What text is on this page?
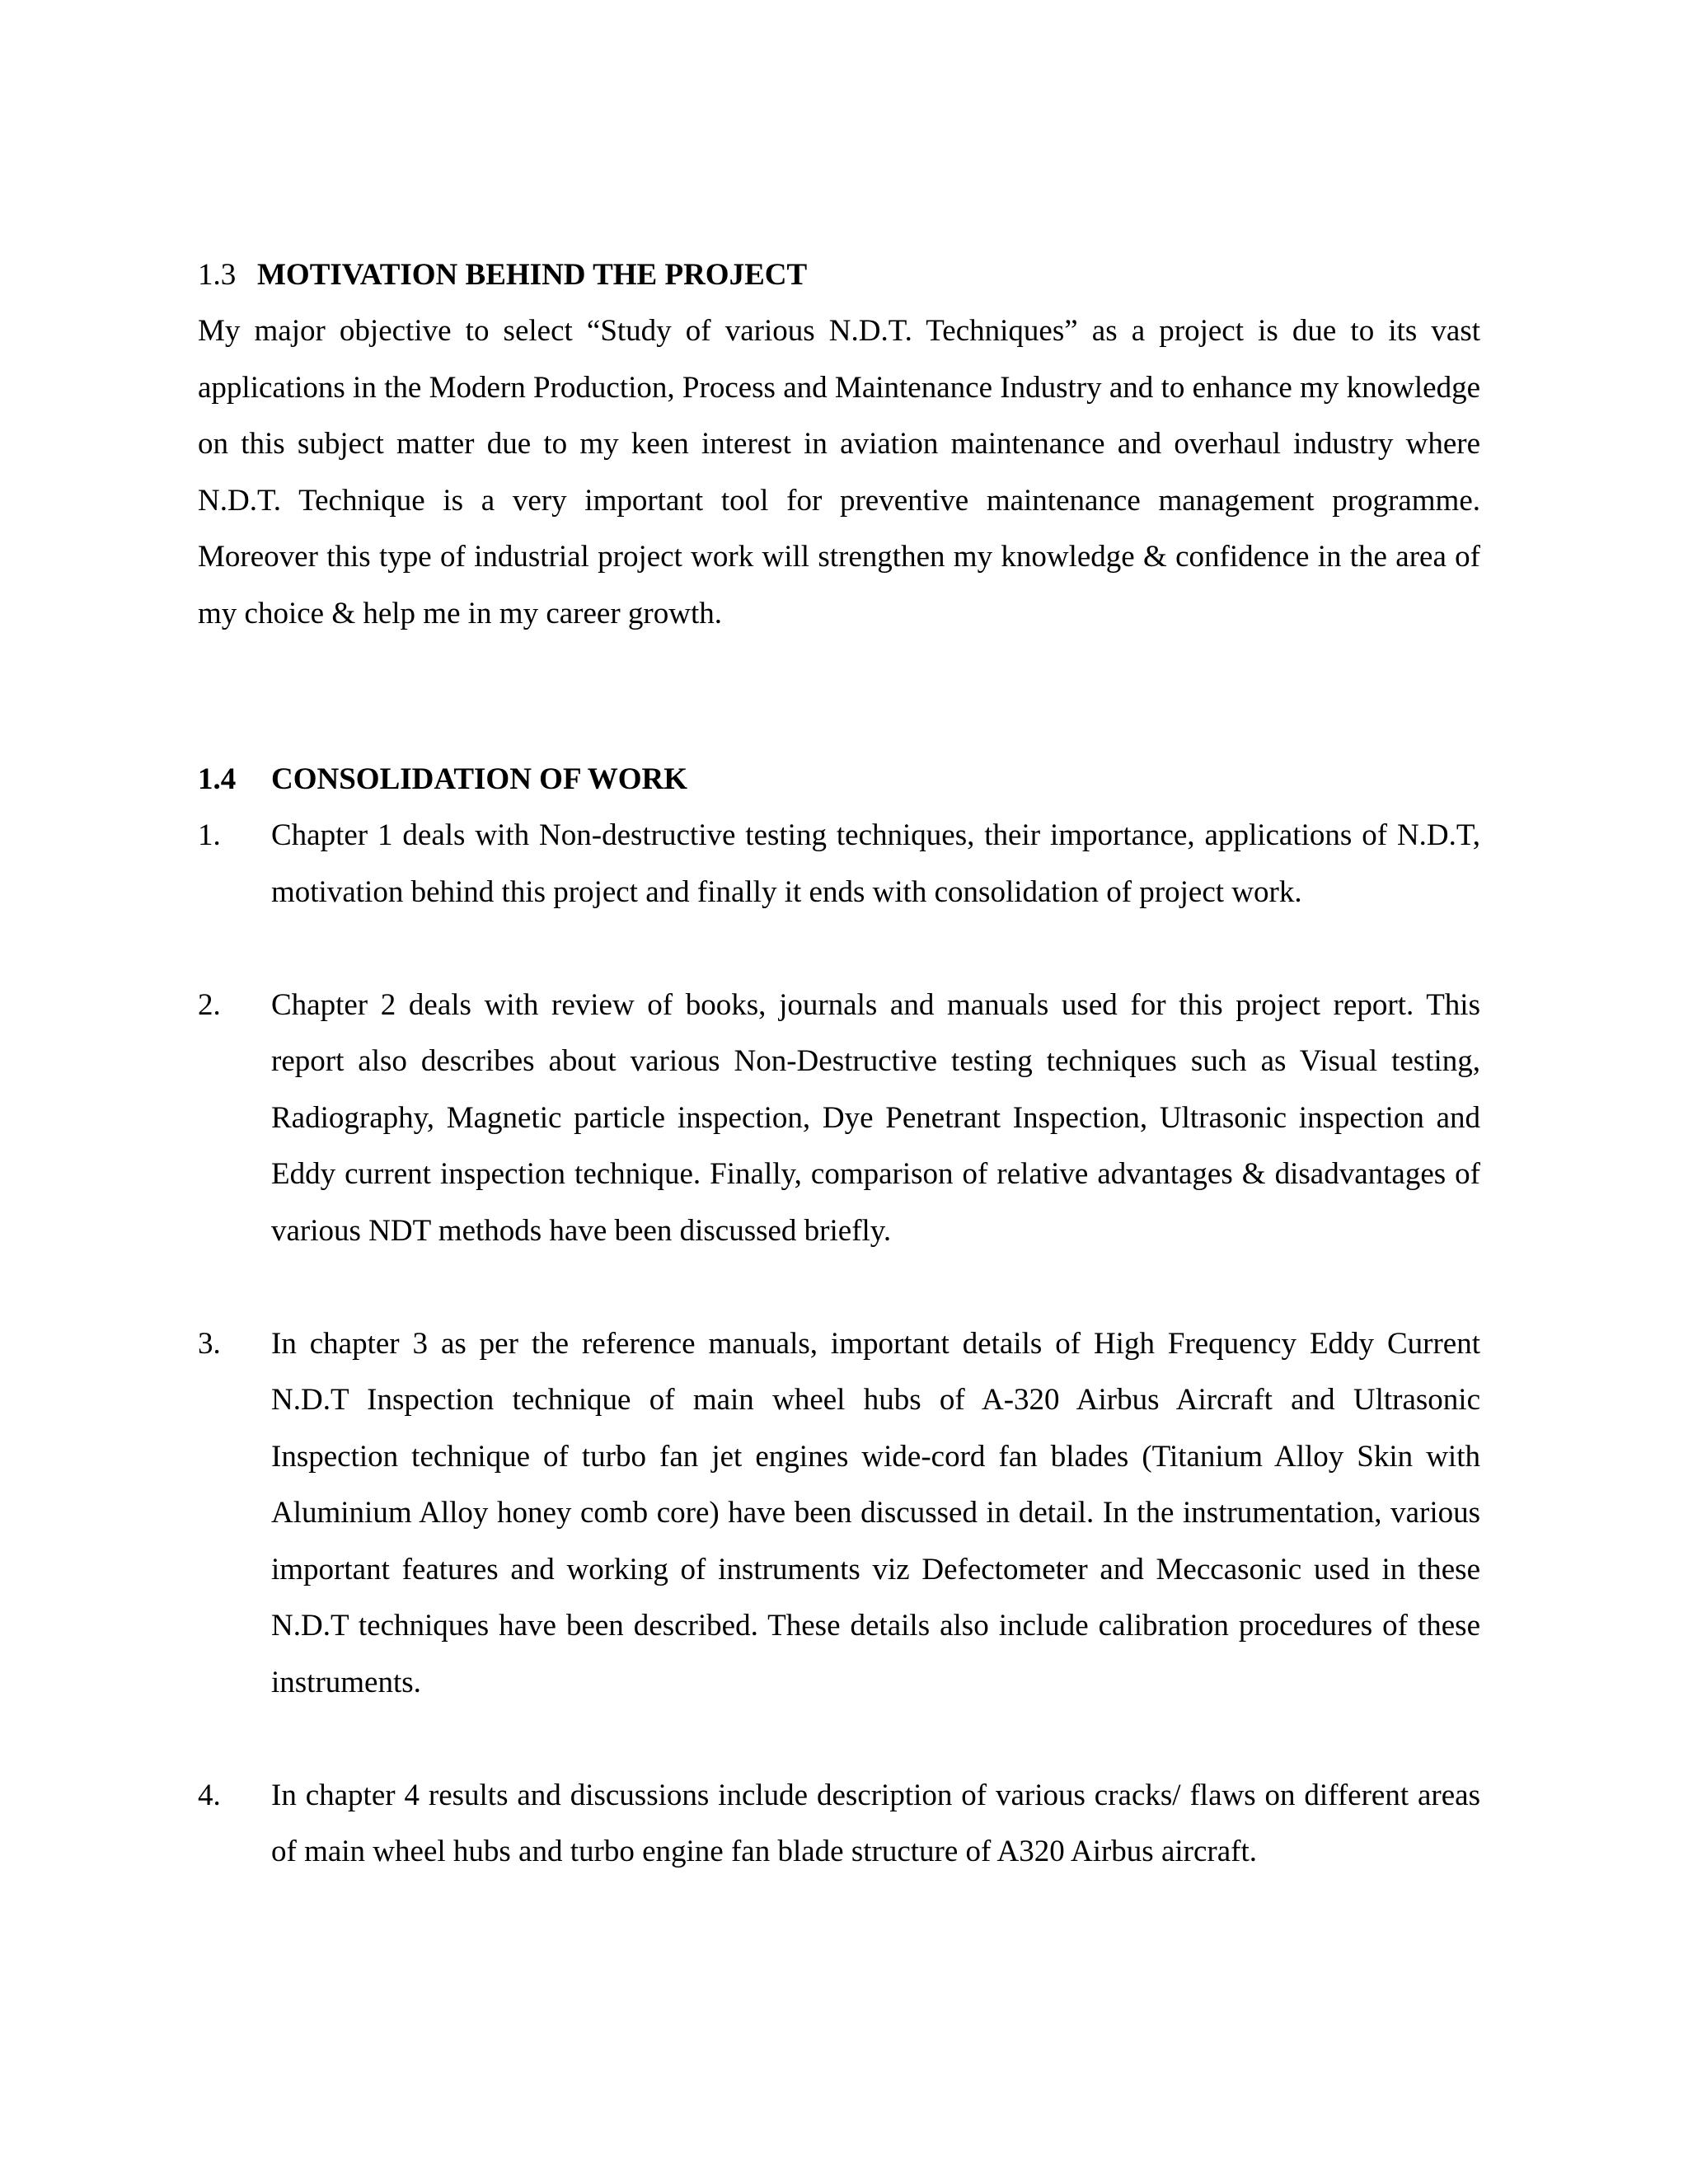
1.3 MOTIVATION BEHIND THE PROJECT

My major objective to select “Study of various N.D.T. Techniques” as a project is due to its vast applications in the Modern Production, Process and Maintenance Industry and to enhance my knowledge on this subject matter due to my keen interest in aviation maintenance and overhaul industry where N.D.T. Technique is a very important tool for preventive maintenance management programme. Moreover this type of industrial project work will strengthen my knowledge & confidence in the area of my choice & help me in my career growth.

1.4 CONSOLIDATION OF WORK
1.	Chapter 1 deals with Non-destructive testing techniques, their importance, applications of N.D.T, motivation behind this project and finally it ends with consolidation of project work.
2.	Chapter 2 deals with review of books, journals and manuals used for this project report. This report also describes about various Non-Destructive testing techniques such as Visual testing, Radiography, Magnetic particle inspection, Dye Penetrant Inspection, Ultrasonic inspection and Eddy current inspection technique. Finally, comparison of relative advantages & disadvantages of various NDT methods have been discussed briefly.
3.	In chapter 3 as per the reference manuals, important details of High Frequency Eddy Current N.D.T Inspection technique of main wheel hubs of A-320 Airbus Aircraft and Ultrasonic Inspection technique of turbo fan jet engines wide-cord fan blades (Titanium Alloy Skin with Aluminium Alloy honey comb core) have been discussed in detail. In the instrumentation, various important features and working of instruments viz Defectometer and Meccasonic used in these N.D.T techniques have been described. These details also include calibration procedures of these instruments.
4.	In chapter 4 results and discussions include description of various cracks/ flaws on different areas of main wheel hubs and turbo engine fan blade structure of A320 Airbus aircraft.
